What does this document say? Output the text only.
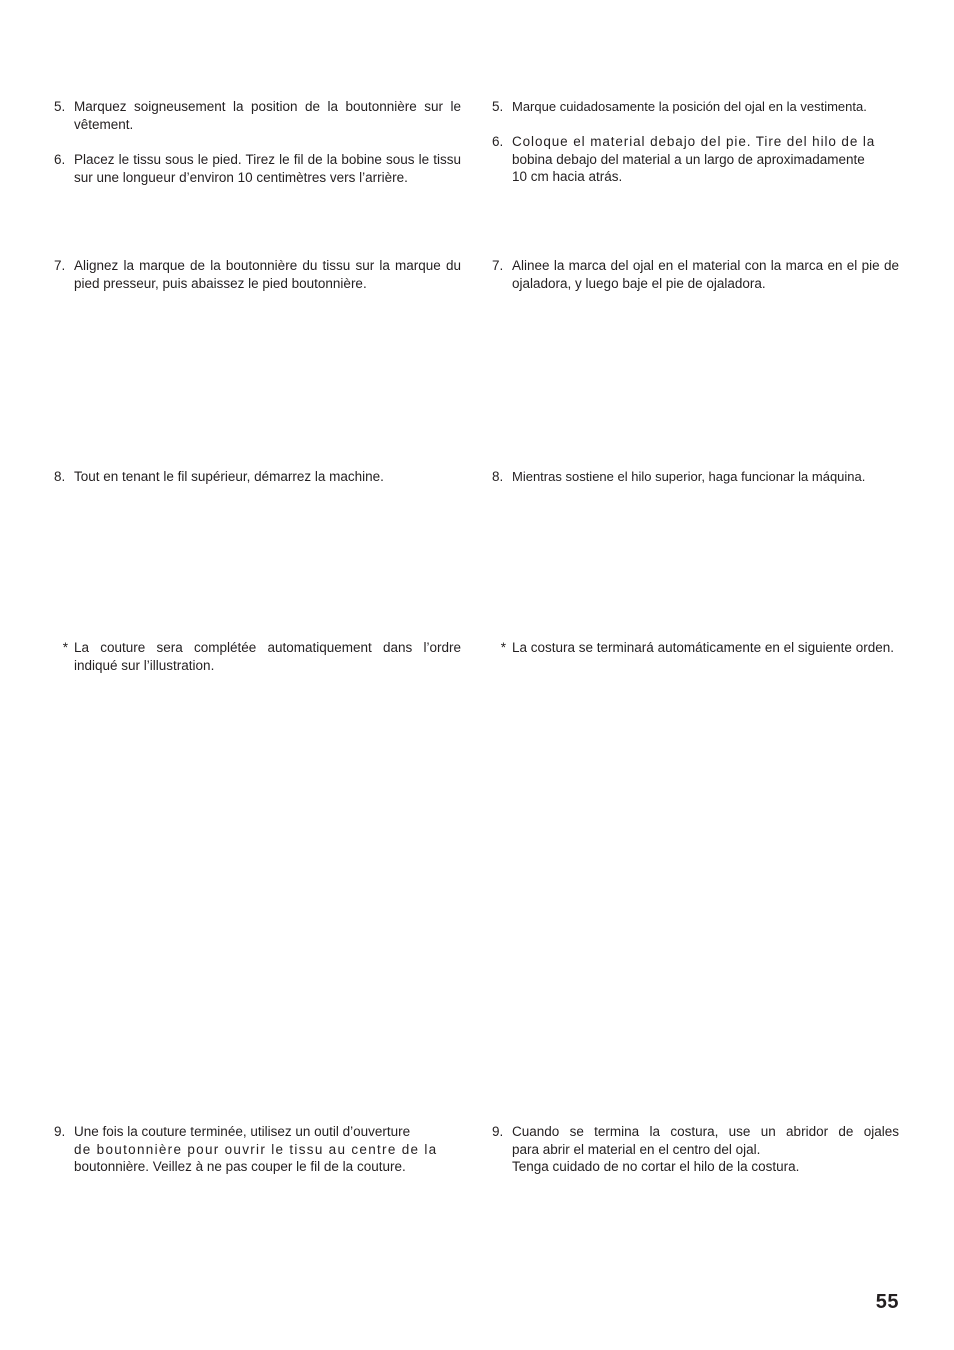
5. Marquez soigneusement la position de la boutonnière sur le vêtement.
6. Placez le tissu sous le pied. Tirez le fil de la bobine sous le tissu sur une longueur d’environ 10 centimètres vers l’arrière.
7. Alignez la marque de la boutonnière du tissu sur la marque du pied presseur, puis abaissez le pied boutonnière.
8. Tout en tenant le fil supérieur, démarrez la machine.
* La couture sera complétée automatiquement dans l’ordre indiqué sur l’illustration.
9. Une fois la couture terminée, utilisez un outil d’ouverture
de boutonnière pour ouvrir le tissu au centre de la
boutonnière. Veillez à ne pas couper le fil de la couture.
5. Marque cuidadosamente la posición del ojal en la vestimenta.
6. Coloque el material debajo del pie. Tire del hilo de la
bobina debajo del material a un largo de aproximadamente
10 cm hacia atrás.
7. Alinee la marca del ojal en el material con la marca en el pie de ojaladora, y luego baje el pie de ojaladora.
8. Mientras sostiene el hilo superior, haga funcionar la máquina.
* La costura se terminará automáticamente en el siguiente orden.
9. Cuando se termina la costura, use un abridor de ojales
para abrir el material en el centro del ojal.
Tenga cuidado de no cortar el hilo de la costura.
55
